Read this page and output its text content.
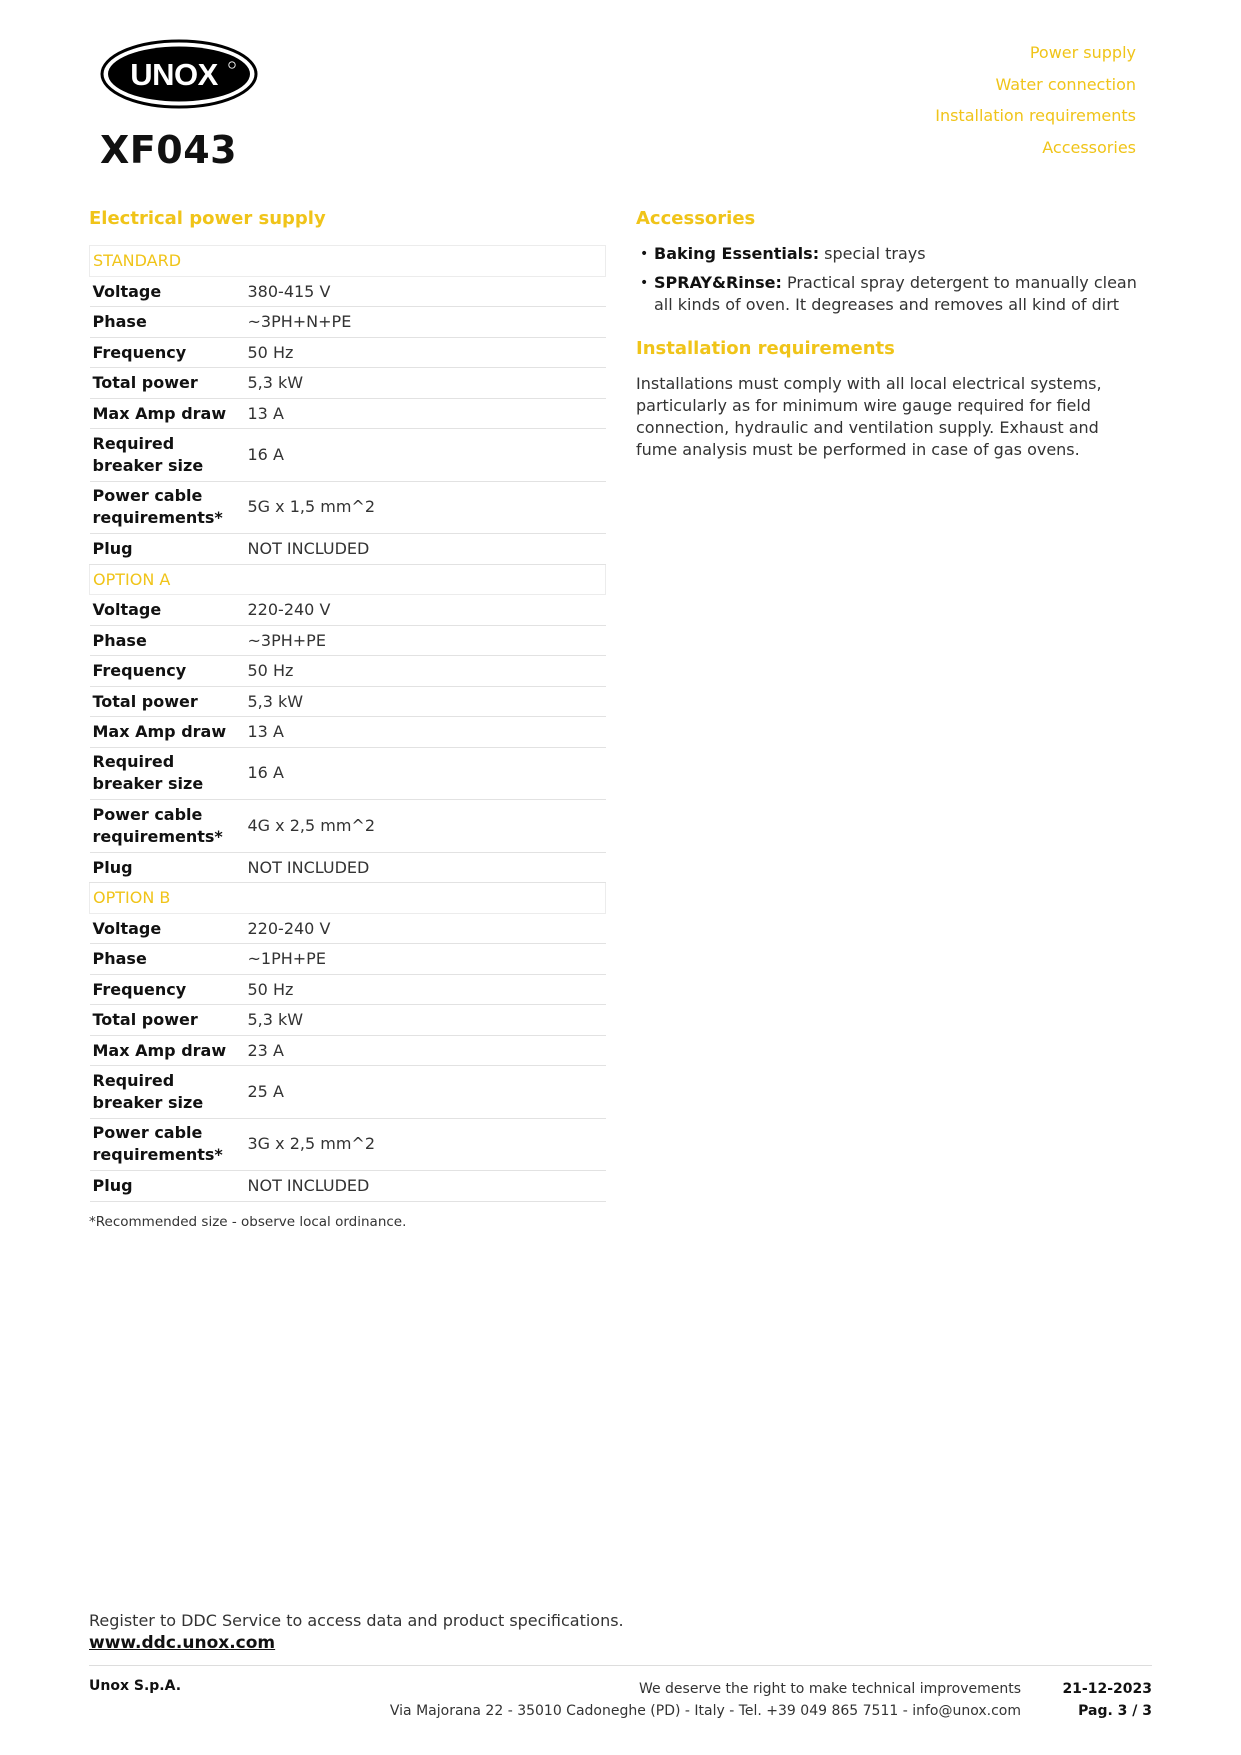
UNOX
XF043
Power supply
Water connection
Installation requirements
Accessories
Electrical power supply
STANDARD	
Voltage	380-415 V
Phase	~3PH+N+PE
Frequency	50 Hz
Total power	5,3 kW
Max Amp draw	13 A
Required breaker size	16 A
Power cable requirements*	5G x 1,5 mm^2
Plug	NOT INCLUDED
OPTION A	
Voltage	220-240 V
Phase	~3PH+PE
Frequency	50 Hz
Total power	5,3 kW
Max Amp draw	13 A
Required breaker size	16 A
Power cable requirements*	4G x 2,5 mm^2
Plug	NOT INCLUDED
OPTION B	
Voltage	220-240 V
Phase	~1PH+PE
Frequency	50 Hz
Total power	5,3 kW
Max Amp draw	23 A
Required breaker size	25 A
Power cable requirements*	3G x 2,5 mm^2
Plug	NOT INCLUDED
*Recommended size - observe local ordinance.
Accessories
• Baking Essentials: special trays
• SPRAY&Rinse: Practical spray detergent to manually clean all kinds of oven. It degreases and removes all kind of dirt
Installation requirements

Installations must comply with all local electrical systems, particularly as for minimum wire gauge required for field connection, hydraulic and ventilation supply. Exhaust and fume analysis must be performed in case of gas ovens.

Register to DDC Service to access data and product specifications.
www.ddc.unox.com
Unox S.p.A.	We deserve the right to make technical improvements
Via Majorana 22 - 35010 Cadoneghe (PD) - Italy - Tel. +39 049 865 7511 - info@unox.com
21-12-2023
Pag. 3 / 3
